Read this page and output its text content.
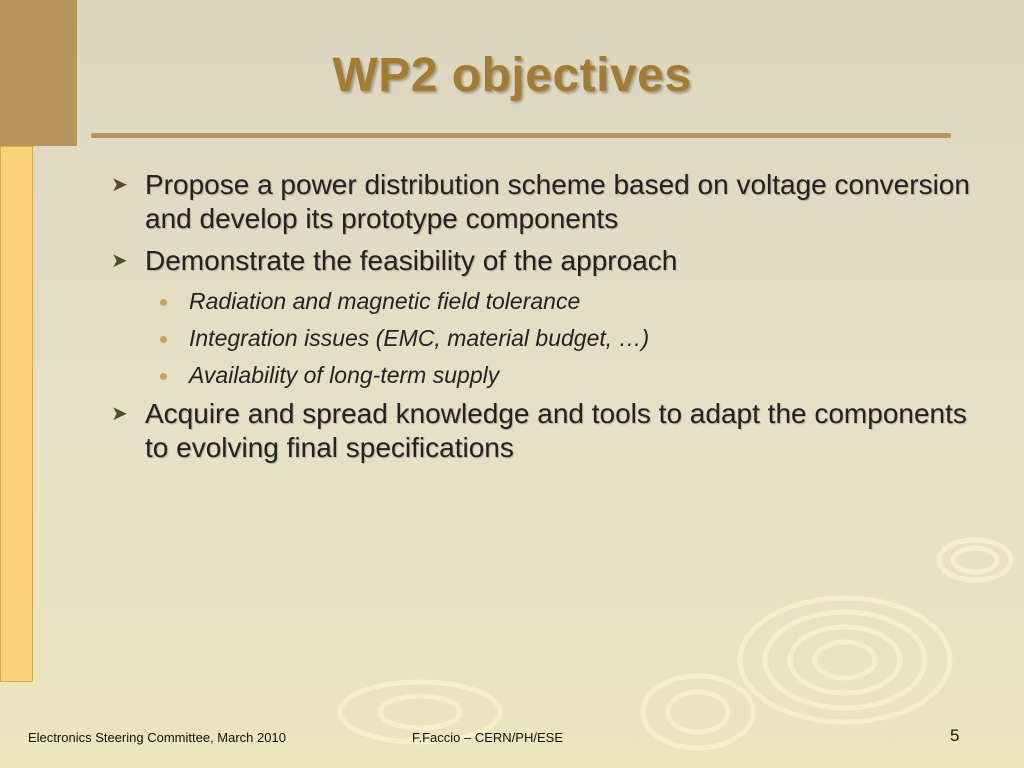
WP2 objectives
➤ Propose a power distribution scheme based on voltage conversion and develop its prototype components
➤ Demonstrate the feasibility of the approach
Radiation and magnetic field tolerance
Integration issues (EMC, material budget, …)
Availability of long-term supply
➤ Acquire and spread knowledge and tools to adapt the components to evolving final specifications
Electronics Steering Committee, March 2010	F.Faccio – CERN/PH/ESE	5
